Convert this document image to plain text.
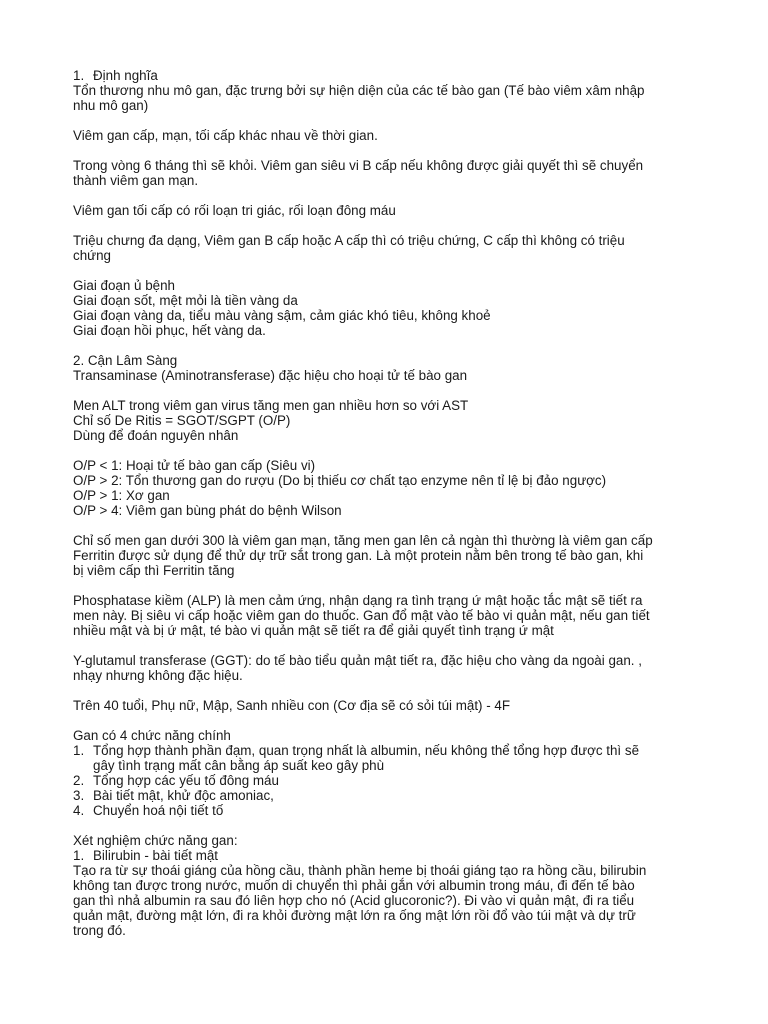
1. Định nghĩa
Tổn thương nhu mô gan, đặc trưng bởi sự hiện diện của các tế bào gan (Tế bào viêm xâm nhập
nhu mô gan)
Viêm gan cấp, mạn, tối cấp khác nhau về thời gian.
Trong vòng 6 tháng thì sẽ khỏi. Viêm gan siêu vi B cấp nếu không được giải quyết thì sẽ chuyển
thành viêm gan mạn.
Viêm gan tối cấp có rối loạn tri giác, rối loạn đông máu
Triệu chưng đa dạng, Viêm gan B cấp hoặc A cấp thì có triệu chứng, C cấp thì không có triệu
chứng
Giai đoạn ủ bệnh
Giai đoạn sốt, mệt mỏi là tiền vàng da
Giai đoạn vàng da, tiểu màu vàng sậm, cảm giác khó tiêu, không khoẻ
Giai đoạn hồi phục, hết vàng da.
2. Cận Lâm Sàng
Transaminase (Aminotransferase) đặc hiệu cho hoại tử tế bào gan
Men ALT trong viêm gan virus tăng men gan nhiều hơn so với AST
Chỉ số De Ritis = SGOT/SGPT (O/P)
Dùng để đoán nguyên nhân
O/P < 1: Hoại tử tế bào gan cấp (Siêu vi)
O/P > 2: Tổn thương gan do rượu (Do bị thiếu cơ chất tạo enzyme nên tỉ lệ bị đảo ngược)
O/P > 1: Xơ gan
O/P > 4: Viêm gan bùng phát do bệnh Wilson
Chỉ số men gan dưới 300 là viêm gan mạn, tăng men gan lên cả ngàn thì thường là viêm gan cấp
Ferritin được sử dụng để thử dự trữ sắt trong gan. Là một protein nằm bên trong tế bào gan, khi
bị viêm cấp thì Ferritin tăng
Phosphatase kiềm (ALP) là men cảm ứng, nhận dạng ra tình trạng ứ mật hoặc tắc mật sẽ tiết ra
men này. Bị siêu vi cấp hoặc viêm gan do thuốc. Gan đổ mật vào tế bào vi quản mật, nếu gan tiết
nhiều mật và bị ứ mật, té bào vi quản mật sẽ tiết ra để giải quyết tình trạng ứ mật
Y-glutamul transferase (GGT): do tế bào tiểu quản mật tiết ra, đặc hiệu cho vàng da ngoài gan. ,
nhạy nhưng không đặc hiệu.
Trên 40 tuổi, Phụ nữ, Mập, Sanh nhiều con (Cơ địa sẽ có sỏi túi mật) - 4F
Gan có 4 chức năng chính
1. Tổng hợp thành phần đạm, quan trọng nhất là albumin, nếu không thể tổng hợp được thì sẽ
gây tình trạng mất cân bằng áp suất keo gây phù
2. Tổng hợp các yếu tố đông máu
3. Bài tiết mật, khử độc amoniac,
4. Chuyển hoá nội tiết tố
Xét nghiệm chức năng gan:
1. Bilirubin - bài tiết mật
Tạo ra từ sự thoái giáng của hồng cầu, thành phần heme bị thoái giáng tạo ra hồng cầu, bilirubin
không tan được trong nước, muốn di chuyển thì phải gắn với albumin trong máu, đi đến tế bào
gan thì nhả albumin ra sau đó liên hợp cho nó (Acid glucoronic?). Đi vào vi quản mật, đi ra tiểu
quản mật, đường mật lớn, đi ra khỏi đường mật lớn ra ống mật lớn rồi đổ vào túi mật và dự trữ
trong đó.
